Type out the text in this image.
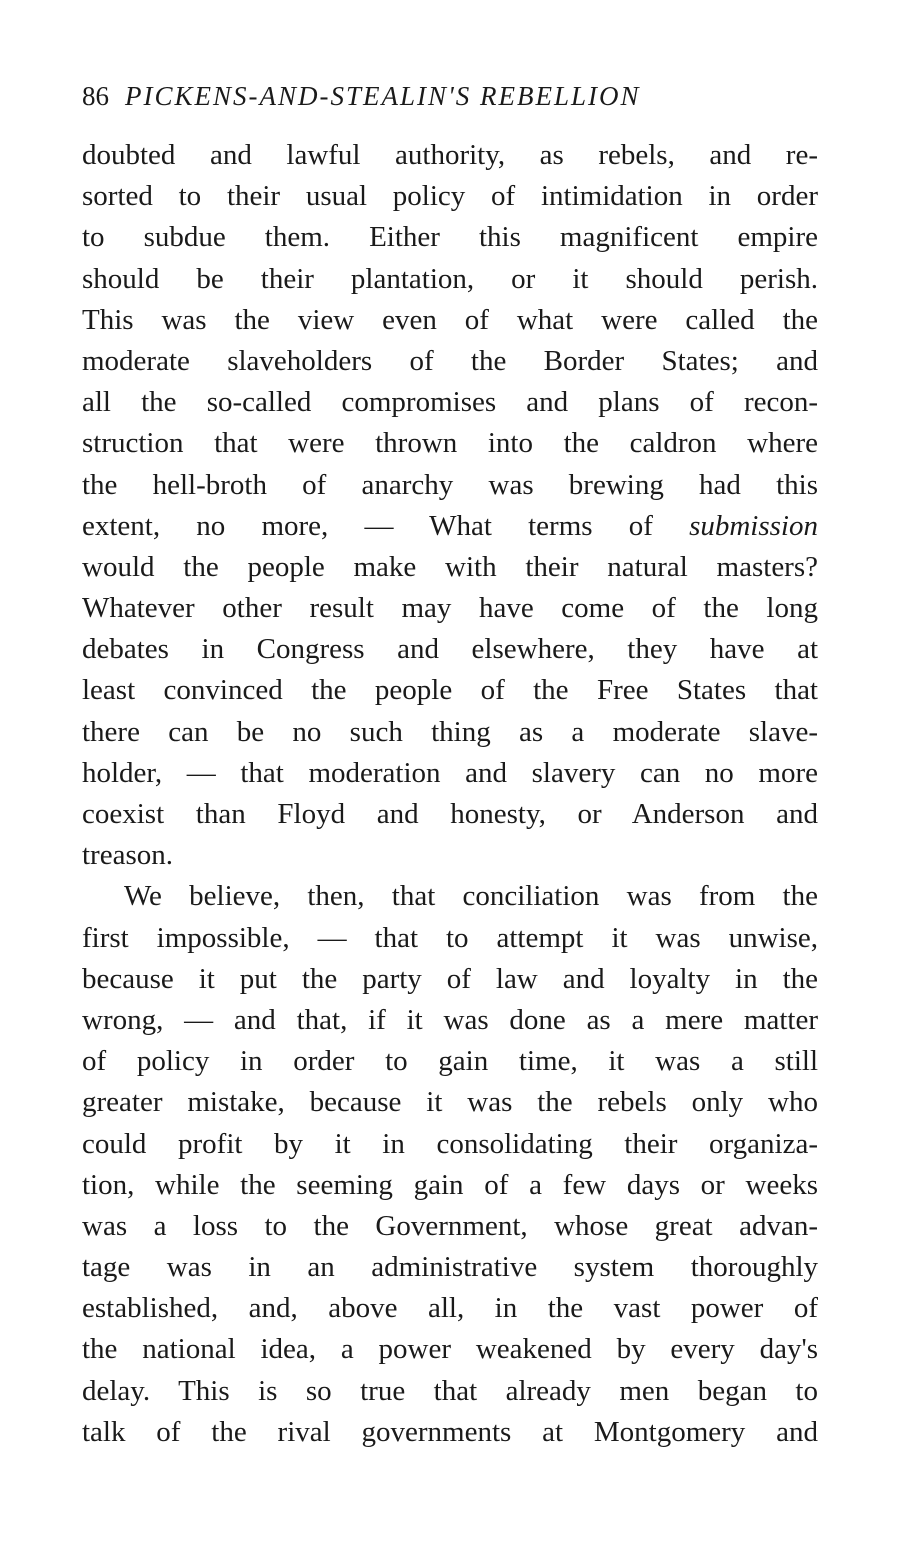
86 PICKENS-AND-STEALIN'S REBELLION
doubted and lawful authority, as rebels, and re-
sorted to their usual policy of intimidation in order
to subdue them. Either this magnificent empire
should be their plantation, or it should perish.
This was the view even of what were called the
moderate slaveholders of the Border States; and
all the so-called compromises and plans of recon-
struction that were thrown into the caldron where
the hell-broth of anarchy was brewing had this
extent, no more, — What terms of submission
would the people make with their natural masters?
Whatever other result may have come of the long
debates in Congress and elsewhere, they have at
least convinced the people of the Free States that
there can be no such thing as a moderate slave-
holder, — that moderation and slavery can no more
coexist than Floyd and honesty, or Anderson and
treason.
We believe, then, that conciliation was from the
first impossible, — that to attempt it was unwise,
because it put the party of law and loyalty in the
wrong, — and that, if it was done as a mere matter
of policy in order to gain time, it was a still
greater mistake, because it was the rebels only who
could profit by it in consolidating their organiza-
tion, while the seeming gain of a few days or weeks
was a loss to the Government, whose great advan-
tage was in an administrative system thoroughly
established, and, above all, in the vast power of
the national idea, a power weakened by every day's
delay. This is so true that already men began to
talk of the rival governments at Montgomery and
